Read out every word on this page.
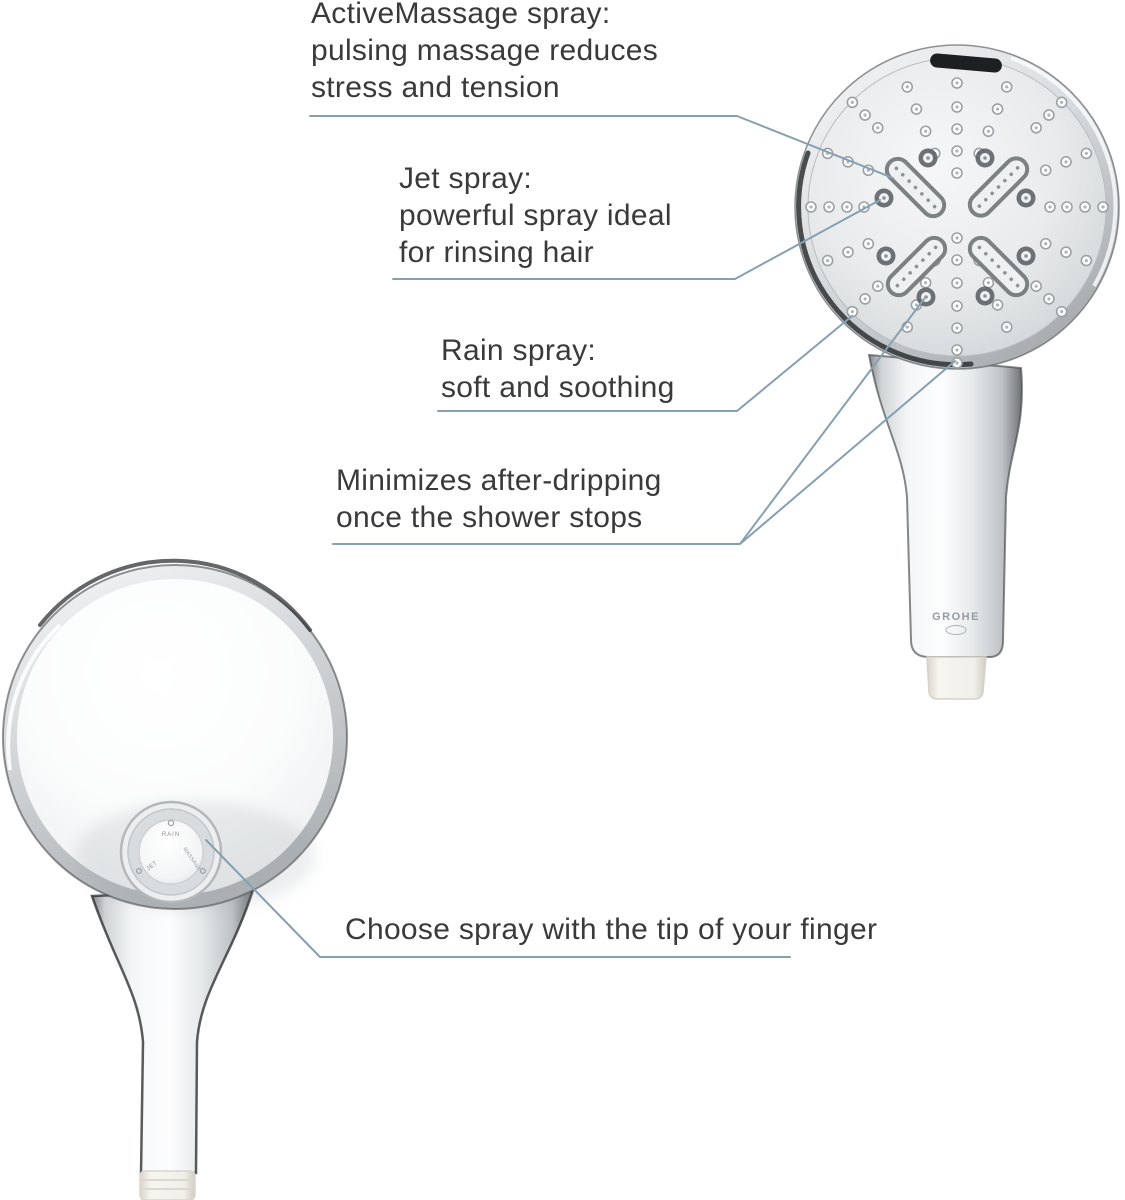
GROHE
RAIN
JET	MASSAGE
ActiveMassage spray:
pulsing massage reduces
stress and tension
Jet spray:
powerful spray ideal
for rinsing hair
Rain spray:
soft and soothing
Minimizes after-dripping
once the shower stops
Choose spray with the tip of your finger
